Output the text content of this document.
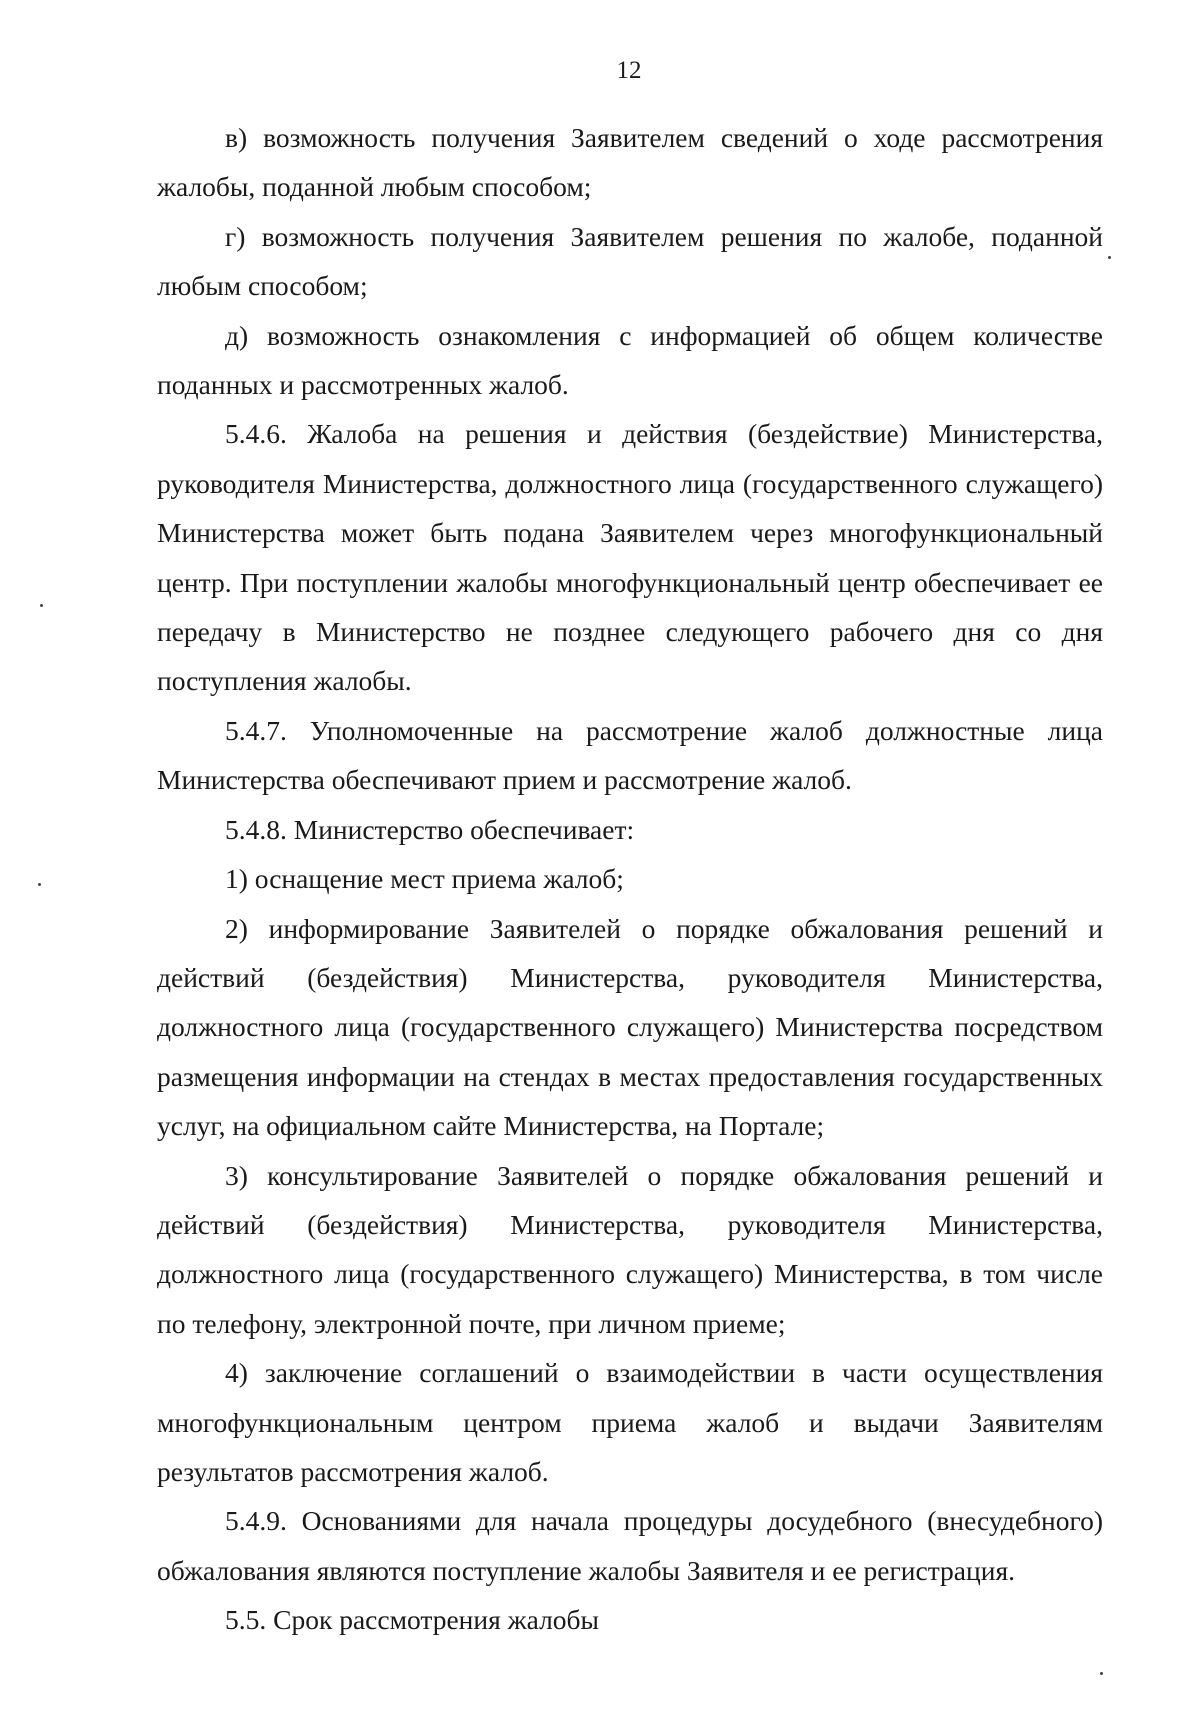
12

в) возможность получения Заявителем сведений о ходе рассмотрения жалобы, поданной любым способом;

г) возможность получения Заявителем решения по жалобе, поданной любым способом;

д) возможность ознакомления с информацией об общем количестве поданных и рассмотренных жалоб.

5.4.6. Жалоба на решения и действия (бездействие) Министерства, руководителя Министерства, должностного лица (государственного служащего) Министерства может быть подана Заявителем через многофункциональный центр. При поступлении жалобы многофункциональный центр обеспечивает ее передачу в Министерство не позднее следующего рабочего дня со дня поступления жалобы.

5.4.7. Уполномоченные на рассмотрение жалоб должностные лица Министерства обеспечивают прием и рассмотрение жалоб.

5.4.8. Министерство обеспечивает:

1) оснащение мест приема жалоб;

2) информирование Заявителей о порядке обжалования решений и действий (бездействия) Министерства, руководителя Министерства, должностного лица (государственного служащего) Министерства посредством размещения информации на стендах в местах предоставления государственных услуг, на официальном сайте Министерства, на Портале;

3) консультирование Заявителей о порядке обжалования решений и действий (бездействия) Министерства, руководителя Министерства, должностного лица (государственного служащего) Министерства, в том числе по телефону, электронной почте, при личном приеме;

4) заключение соглашений о взаимодействии в части осуществления многофункциональным центром приема жалоб и выдачи Заявителям результатов рассмотрения жалоб.

5.4.9. Основаниями для начала процедуры досудебного (внесудебного) обжалования являются поступление жалобы Заявителя и ее регистрация.

5.5. Срок рассмотрения жалобы
